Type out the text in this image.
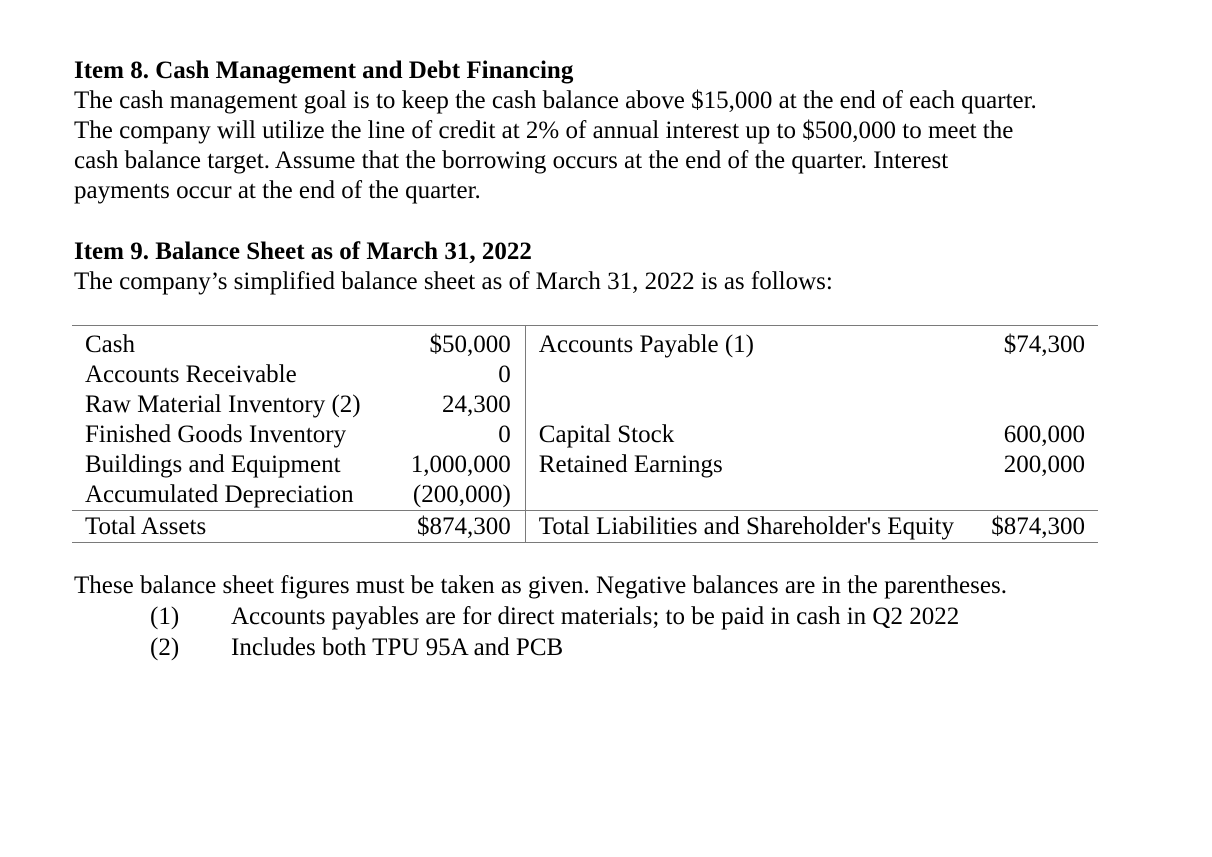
Item 8. Cash Management and Debt Financing

The cash management goal is to keep the cash balance above $15,000 at the end of each quarter.

The company will utilize the line of credit at 2% of annual interest up to $500,000 to meet the

cash balance target. Assume that the borrowing occurs at the end of the quarter. Interest

payments occur at the end of the quarter.

Item 9. Balance Sheet as of March 31, 2022

The company’s simplified balance sheet as of March 31, 2022 is as follows:

Cash	$50,000	Accounts Payable (1)	$74,300
Accounts Receivable	0		
Raw Material Inventory (2)	24,300		
Finished Goods Inventory	0	Capital Stock	600,000
Buildings and Equipment	1,000,000	Retained Earnings	200,000
Accumulated Depreciation	(200,000)		
Total Assets	$874,300	Total Liabilities and Shareholder's Equity	$874,300

These balance sheet figures must be taken as given. Negative balances are in the parentheses.

(1) Accounts payables are for direct materials; to be paid in cash in Q2 2022
(2) Includes both TPU 95A and PCB
